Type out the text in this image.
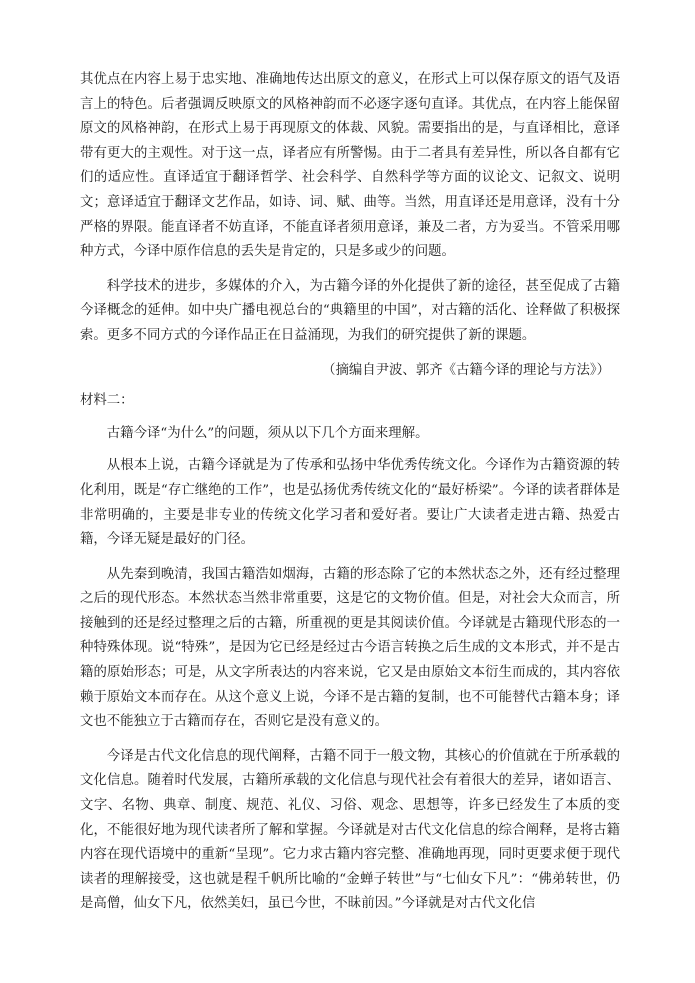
其优点在内容上易于忠实地、准确地传达出原文的意义，在形式上可以保存原文的语气及语言上的特色。后者强调反映原文的风格神韵而不必逐字逐句直译。其优点，在内容上能保留原文的风格神韵，在形式上易于再现原文的体裁、风貌。需要指出的是，与直译相比，意译带有更大的主观性。对于这一点，译者应有所警惕。由于二者具有差异性，所以各自都有它们的适应性。直译适宜于翻译哲学、社会科学、自然科学等方面的议论文、记叙文、说明文；意译适宜于翻译文艺作品，如诗、词、赋、曲等。当然，用直译还是用意译，没有十分严格的界限。能直译者不妨直译，不能直译者须用意译，兼及二者，方为妥当。不管采用哪种方式，今译中原作信息的丢失是肯定的，只是多或少的问题。

科学技术的进步，多媒体的介入，为古籍今译的外化提供了新的途径，甚至促成了古籍今译概念的延伸。如中央广播电视总台的“典籍里的中国”，对古籍的活化、诠释做了积极探索。更多不同方式的今译作品正在日益涌现，为我们的研究提供了新的课题。

（摘编自尹波、郭齐《古籍今译的理论与方法》）

材料二：

古籍今译“为什么”的问题，须从以下几个方面来理解。

从根本上说，古籍今译就是为了传承和弘扬中华优秀传统文化。今译作为古籍资源的转化利用，既是“存亡继绝的工作”，也是弘扬优秀传统文化的“最好桥梁”。今译的读者群体是非常明确的，主要是非专业的传统文化学习者和爱好者。要让广大读者走进古籍、热爱古籍，今译无疑是最好的门径。

从先秦到晚清，我国古籍浩如烟海，古籍的形态除了它的本然状态之外，还有经过整理之后的现代形态。本然状态当然非常重要，这是它的文物价值。但是，对社会大众而言，所接触到的还是经过整理之后的古籍，所重视的更是其阅读价值。今译就是古籍现代形态的一种特殊体现。说“特殊”，是因为它已经是经过古今语言转换之后生成的文本形式，并不是古籍的原始形态；可是，从文字所表达的内容来说，它又是由原始文本衍生而成的，其内容依赖于原始文本而存在。从这个意义上说，今译不是古籍的复制，也不可能替代古籍本身；译文也不能独立于古籍而存在，否则它是没有意义的。

今译是古代文化信息的现代阐释，古籍不同于一般文物，其核心的价值就在于所承载的文化信息。随着时代发展，古籍所承载的文化信息与现代社会有着很大的差异，诸如语言、文字、名物、典章、制度、规范、礼仪、习俗、观念、思想等，许多已经发生了本质的变化，不能很好地为现代读者所了解和掌握。今译就是对古代文化信息的综合阐释，是将古籍内容在现代语境中的重新“呈现”。它力求古籍内容完整、准确地再现，同时更要求便于现代读者的理解接受，这也就是程千帆所比喻的“金蝉子转世”与“七仙女下凡”：“佛弟转世，仍是高僧，仙女下凡，依然美妇，虽已今世，不昧前因。”今译就是对古代文化信
